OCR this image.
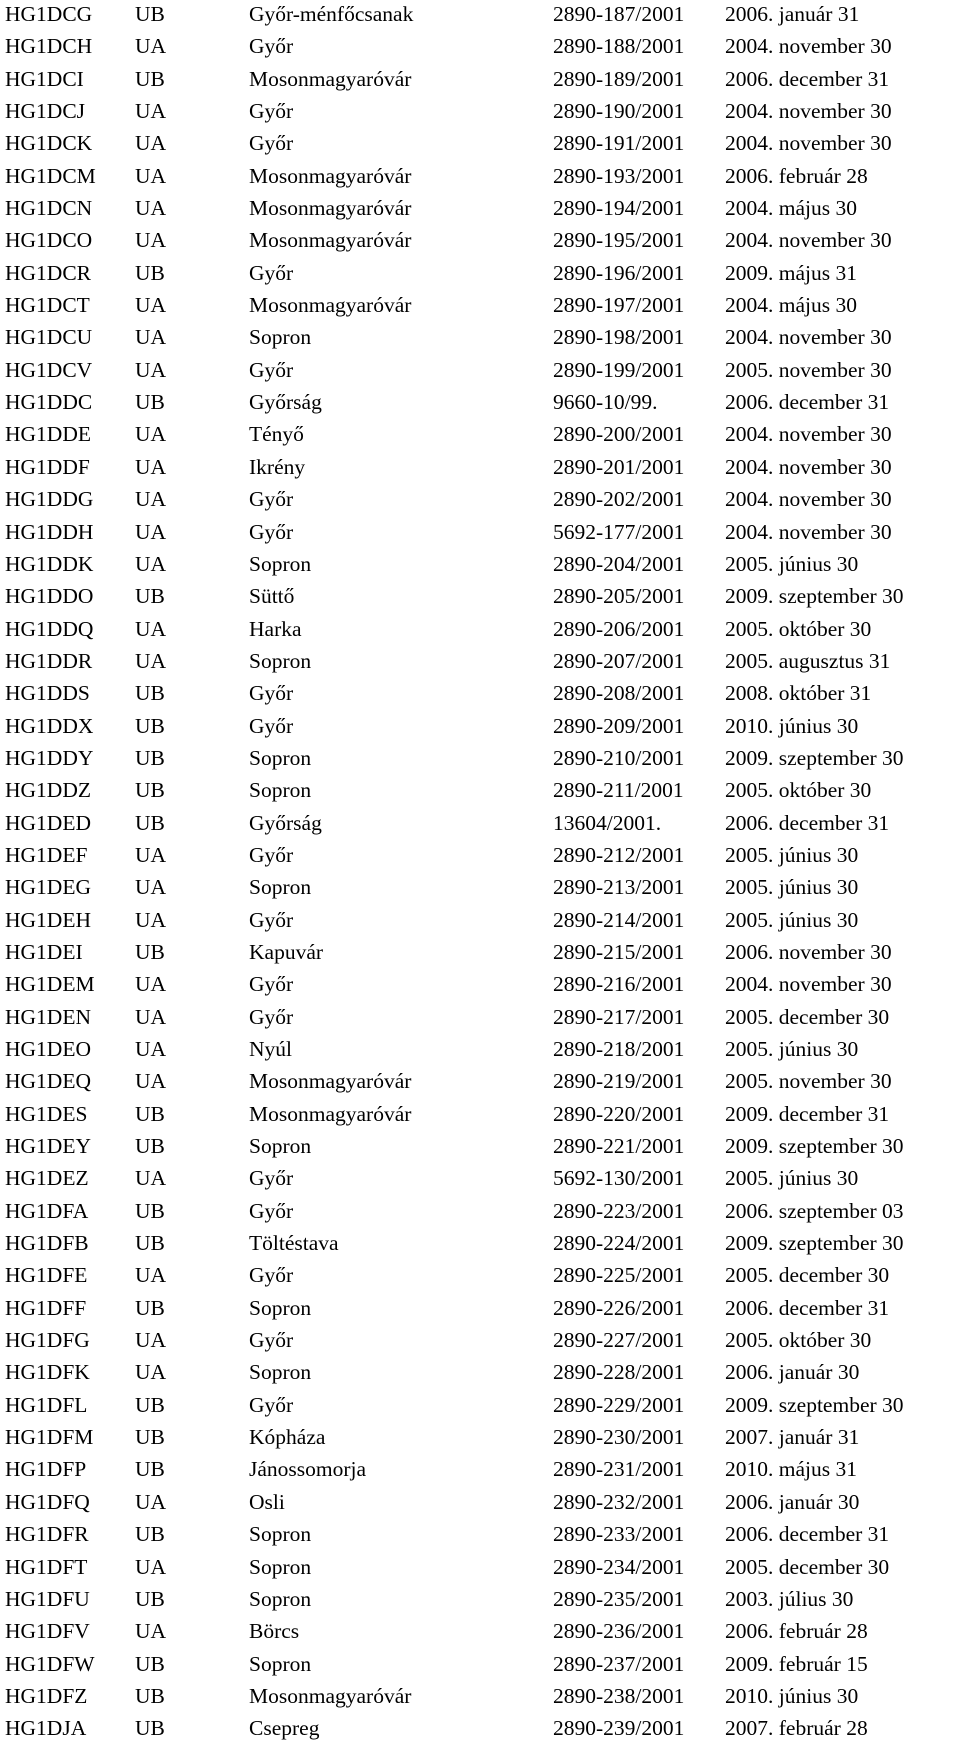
HG1DCG UB	Győr-ménfőcsanak	2890-187/2001 2006. január 31
HG1DCH UA	Győr	2890-188/2001 2004. november 30
HG1DCI UB	Mosonmagyaróvár	2890-189/2001 2006. december 31
HG1DCJ UA	Győr	2890-190/2001 2004. november 30
HG1DCK UA	Győr	2890-191/2001 2004. november 30
HG1DCM UA	Mosonmagyaróvár	2890-193/2001 2006. február 28
HG1DCN UA	Mosonmagyaróvár	2890-194/2001 2004. május 30
HG1DCO UA	Mosonmagyaróvár	2890-195/2001 2004. november 30
HG1DCR UB	Győr	2890-196/2001 2009. május 31
HG1DCT UA	Mosonmagyaróvár	2890-197/2001 2004. május 30
HG1DCU UA	Sopron	2890-198/2001 2004. november 30
HG1DCV UA	Győr	2890-199/2001 2005. november 30
HG1DDC UB	Győrság	9660-10/99.	2006. december 31
HG1DDE UA	Tényő	2890-200/2001 2004. november 30
HG1DDF UA	Ikrény	2890-201/2001 2004. november 30
HG1DDG UA	Győr	2890-202/2001 2004. november 30
HG1DDH UA	Győr	5692-177/2001 2004. november 30
HG1DDK UA	Sopron	2890-204/2001 2005. június 30
HG1DDO UB	Süttő	2890-205/2001 2009. szeptember 30
HG1DDQ UA	Harka	2890-206/2001 2005. október 30
HG1DDR UA	Sopron	2890-207/2001 2005. augusztus 31
HG1DDS UB	Győr	2890-208/2001 2008. október 31
HG1DDX UB	Győr	2890-209/2001 2010. június 30
HG1DDY UB	Sopron	2890-210/2001 2009. szeptember 30
HG1DDZ UB	Sopron	2890-211/2001 2005. október 30
HG1DED UB	Győrság	13604/2001.	2006. december 31
HG1DEF UA	Győr	2890-212/2001 2005. június 30
HG1DEG UA	Sopron	2890-213/2001 2005. június 30
HG1DEH UA	Győr	2890-214/2001 2005. június 30
HG1DEI UB	Kapuvár	2890-215/2001 2006. november 30
HG1DEM UA	Győr	2890-216/2001 2004. november 30
HG1DEN UA	Győr	2890-217/2001 2005. december 30
HG1DEO UA	Nyúl	2890-218/2001 2005. június 30
HG1DEQ UA	Mosonmagyaróvár	2890-219/2001 2005. november 30
HG1DES UB	Mosonmagyaróvár	2890-220/2001 2009. december 31
HG1DEY UB	Sopron	2890-221/2001 2009. szeptember 30
HG1DEZ UA	Győr	5692-130/2001 2005. június 30
HG1DFA UB	Győr	2890-223/2001 2006. szeptember 03
HG1DFB UB	Töltéstava	2890-224/2001 2009. szeptember 30
HG1DFE UA	Győr	2890-225/2001 2005. december 30
HG1DFF UB	Sopron	2890-226/2001 2006. december 31
HG1DFG UA	Győr	2890-227/2001 2005. október 30
HG1DFK UA	Sopron	2890-228/2001 2006. január 30
HG1DFL UB	Győr	2890-229/2001 2009. szeptember 30
HG1DFM UB	Kópháza	2890-230/2001 2007. január 31
HG1DFP UB	Jánossomorja	2890-231/2001 2010. május 31
HG1DFQ UA	Osli	2890-232/2001 2006. január 30
HG1DFR UB	Sopron	2890-233/2001 2006. december 31
HG1DFT UA	Sopron	2890-234/2001 2005. december 30
HG1DFU UB	Sopron	2890-235/2001 2003. július 30
HG1DFV UA	Börcs	2890-236/2001 2006. február 28
HG1DFW UB	Sopron	2890-237/2001 2009. február 15
HG1DFZ UB	Mosonmagyaróvár	2890-238/2001 2010. június 30
HG1DJA UB	Csepreg	2890-239/2001 2007. február 28
